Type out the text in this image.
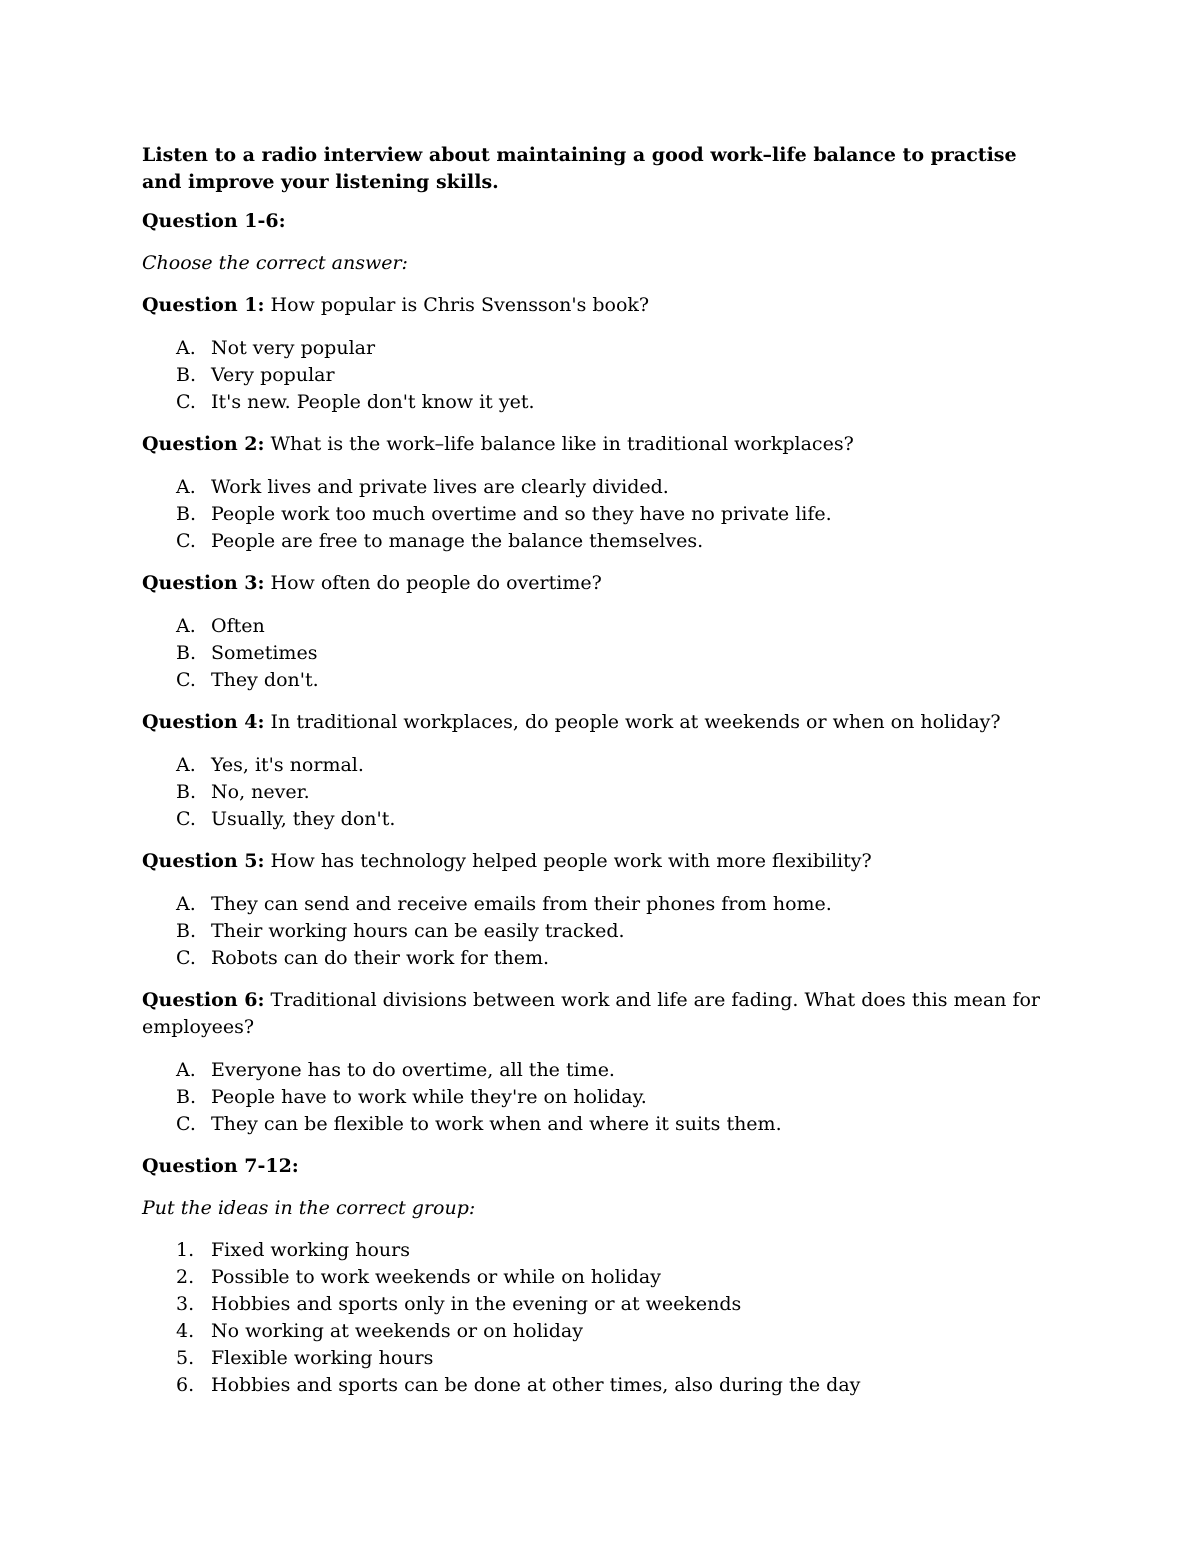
Listen to a radio interview about maintaining a good work–life balance to practise and improve your listening skills.

Question 1-6:

Choose the correct answer:

Question 1: How popular is Chris Svensson's book?

A. Not very popular
B. Very popular
C. It's new. People don't know it yet.

Question 2: What is the work–life balance like in traditional workplaces?

A. Work lives and private lives are clearly divided.
B. People work too much overtime and so they have no private life.
C. People are free to manage the balance themselves.

Question 3: How often do people do overtime?

A. Often
B. Sometimes
C. They don't.

Question 4: In traditional workplaces, do people work at weekends or when on holiday?

A. Yes, it's normal.
B. No, never.
C. Usually, they don't.

Question 5: How has technology helped people work with more flexibility?

A. They can send and receive emails from their phones from home.
B. Their working hours can be easily tracked.
C. Robots can do their work for them.

Question 6: Traditional divisions between work and life are fading. What does this mean for employees?

A. Everyone has to do overtime, all the time.
B. People have to work while they're on holiday.
C. They can be flexible to work when and where it suits them.

Question 7-12:

Put the ideas in the correct group:

1. Fixed working hours
2. Possible to work weekends or while on holiday
3. Hobbies and sports only in the evening or at weekends
4. No working at weekends or on holiday
5. Flexible working hours
6. Hobbies and sports can be done at other times, also during the day
